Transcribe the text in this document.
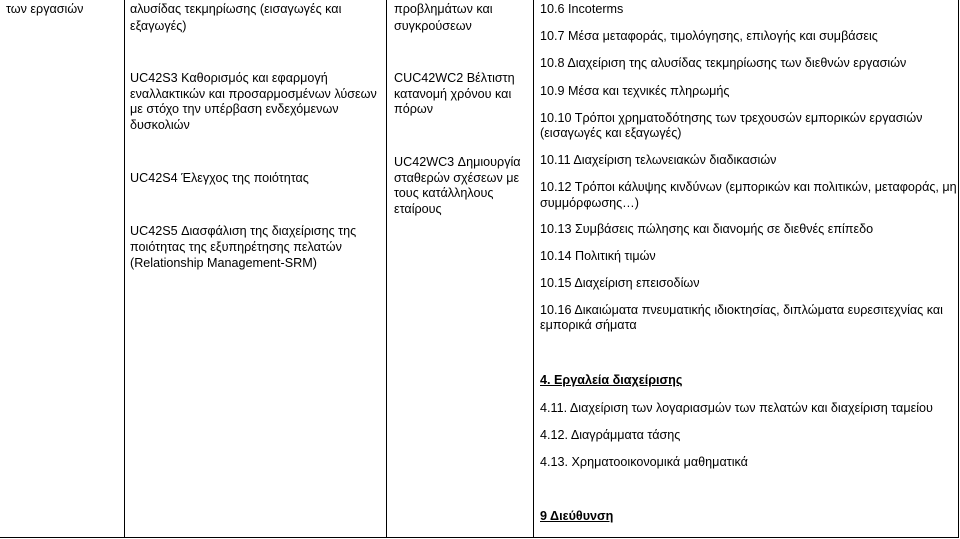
των εργασιών	αλυσίδας τεκμηρίωσης (εισαγωγές και
εξαγωγές)
UC42S3 Καθορισμός και εφαρμογή
εναλλακτικών και προσαρμοσμένων λύσεων
με στόχο την υπέρβαση ενδεχόμενων
δυσκολιών
UC42S4 Έλεγχος της ποιότητας
UC42S5 Διασφάλιση της διαχείρισης της
ποιότητας της εξυπηρέτησης πελατών
(Relationship Management-SRM)
προβλημάτων και
συγκρούσεων
CUC42WC2 Βέλτιστη
κατανομή χρόνου και
πόρων
UC42WC3 Δημιουργία
σταθερών σχέσεων με
τους κατάλληλους
εταίρους
10.6 Incoterms
10.7 Μέσα μεταφοράς, τιμολόγησης, επιλογής και συμβάσεις
10.8 Διαχείριση της αλυσίδας τεκμηρίωσης των διεθνών εργασιών
10.9 Μέσα και τεχνικές πληρωμής
10.10 Τρόποι χρηματοδότησης των τρεχουσών εμπορικών εργασιών
(εισαγωγές και εξαγωγές)
10.11 Διαχείριση τελωνειακών διαδικασιών
10.12 Τρόποι κάλυψης κινδύνων (εμπορικών και πολιτικών, μεταφοράς, μη
συμμόρφωσης…)
10.13 Συμβάσεις πώλησης και διανομής σε διεθνές επίπεδο
10.14 Πολιτική τιμών
10.15 Διαχείριση επεισοδίων
10.16 Δικαιώματα πνευματικής ιδιοκτησίας, διπλώματα ευρεσιτεχνίας και
εμπορικά σήματα
4. Εργαλεία διαχείρισης
4.11. Διαχείριση των λογαριασμών των πελατών και διαχείριση ταμείου
4.12. Διαγράμματα τάσης
4.13. Χρηματοοικονομικά μαθηματικά
9 Διεύθυνση
